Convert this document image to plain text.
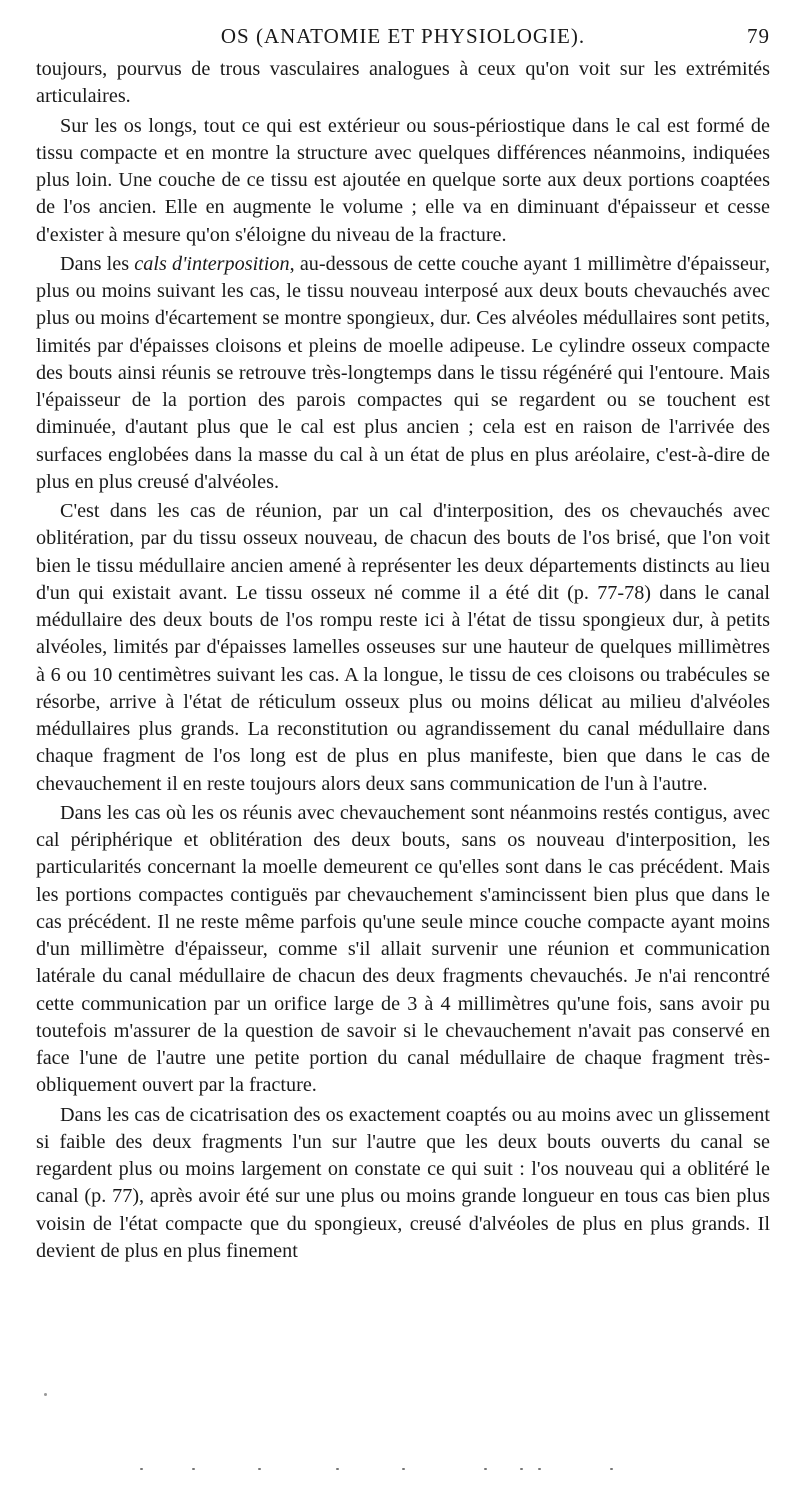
OS (ANATOMIE ET PHYSIOLOGIE).	79

toujours, pourvus de trous vasculaires analogues à ceux qu'on voit sur les extrémités articulaires.

Sur les os longs, tout ce qui est extérieur ou sous-périostique dans le cal est formé de tissu compacte et en montre la structure avec quelques différences néanmoins, indiquées plus loin. Une couche de ce tissu est ajoutée en quelque sorte aux deux portions coaptées de l'os ancien. Elle en augmente le volume ; elle va en diminuant d'épaisseur et cesse d'exister à mesure qu'on s'éloigne du niveau de la fracture.

Dans les cals d'interposition, au-dessous de cette couche ayant 1 millimètre d'épaisseur, plus ou moins suivant les cas, le tissu nouveau interposé aux deux bouts chevauchés avec plus ou moins d'écartement se montre spongieux, dur. Ces alvéoles médullaires sont petits, limités par d'épaisses cloisons et pleins de moelle adipeuse. Le cylindre osseux compacte des bouts ainsi réunis se retrouve très-longtemps dans le tissu régénéré qui l'entoure. Mais l'épaisseur de la portion des parois compactes qui se regardent ou se touchent est diminuée, d'autant plus que le cal est plus ancien ; cela est en raison de l'arrivée des surfaces englobées dans la masse du cal à un état de plus en plus aréolaire, c'est-à-dire de plus en plus creusé d'alvéoles.

C'est dans les cas de réunion, par un cal d'interposition, des os chevauchés avec oblitération, par du tissu osseux nouveau, de chacun des bouts de l'os brisé, que l'on voit bien le tissu médullaire ancien amené à représenter les deux départements distincts au lieu d'un qui existait avant. Le tissu osseux né comme il a été dit (p. 77-78) dans le canal médullaire des deux bouts de l'os rompu reste ici à l'état de tissu spongieux dur, à petits alvéoles, limités par d'épaisses lamelles osseuses sur une hauteur de quelques millimètres à 6 ou 10 centimètres suivant les cas. A la longue, le tissu de ces cloisons ou trabécules se résorbe, arrive à l'état de réticulum osseux plus ou moins délicat au milieu d'alvéoles médullaires plus grands. La reconstitution ou agrandissement du canal médullaire dans chaque fragment de l'os long est de plus en plus manifeste, bien que dans le cas de chevauchement il en reste toujours alors deux sans communication de l'un à l'autre.

Dans les cas où les os réunis avec chevauchement sont néanmoins restés contigus, avec cal périphérique et oblitération des deux bouts, sans os nouveau d'interposition, les particularités concernant la moelle demeurent ce qu'elles sont dans le cas précédent. Mais les portions compactes contiguës par chevauchement s'amincissent bien plus que dans le cas précédent. Il ne reste même parfois qu'une seule mince couche compacte ayant moins d'un millimètre d'épaisseur, comme s'il allait survenir une réunion et communication latérale du canal médullaire de chacun des deux fragments chevauchés. Je n'ai rencontré cette communication par un orifice large de 3 à 4 millimètres qu'une fois, sans avoir pu toutefois m'assurer de la question de savoir si le chevauchement n'avait pas conservé en face l'une de l'autre une petite portion du canal médullaire de chaque fragment très-obliquement ouvert par la fracture.

Dans les cas de cicatrisation des os exactement coaptés ou au moins avec un glissement si faible des deux fragments l'un sur l'autre que les deux bouts ouverts du canal se regardent plus ou moins largement on constate ce qui suit : l'os nouveau qui a oblitéré le canal (p. 77), après avoir été sur une plus ou moins grande longueur en tous cas bien plus voisin de l'état compacte que du spongieux, creusé d'alvéoles de plus en plus grands. Il devient de plus en plus finement
